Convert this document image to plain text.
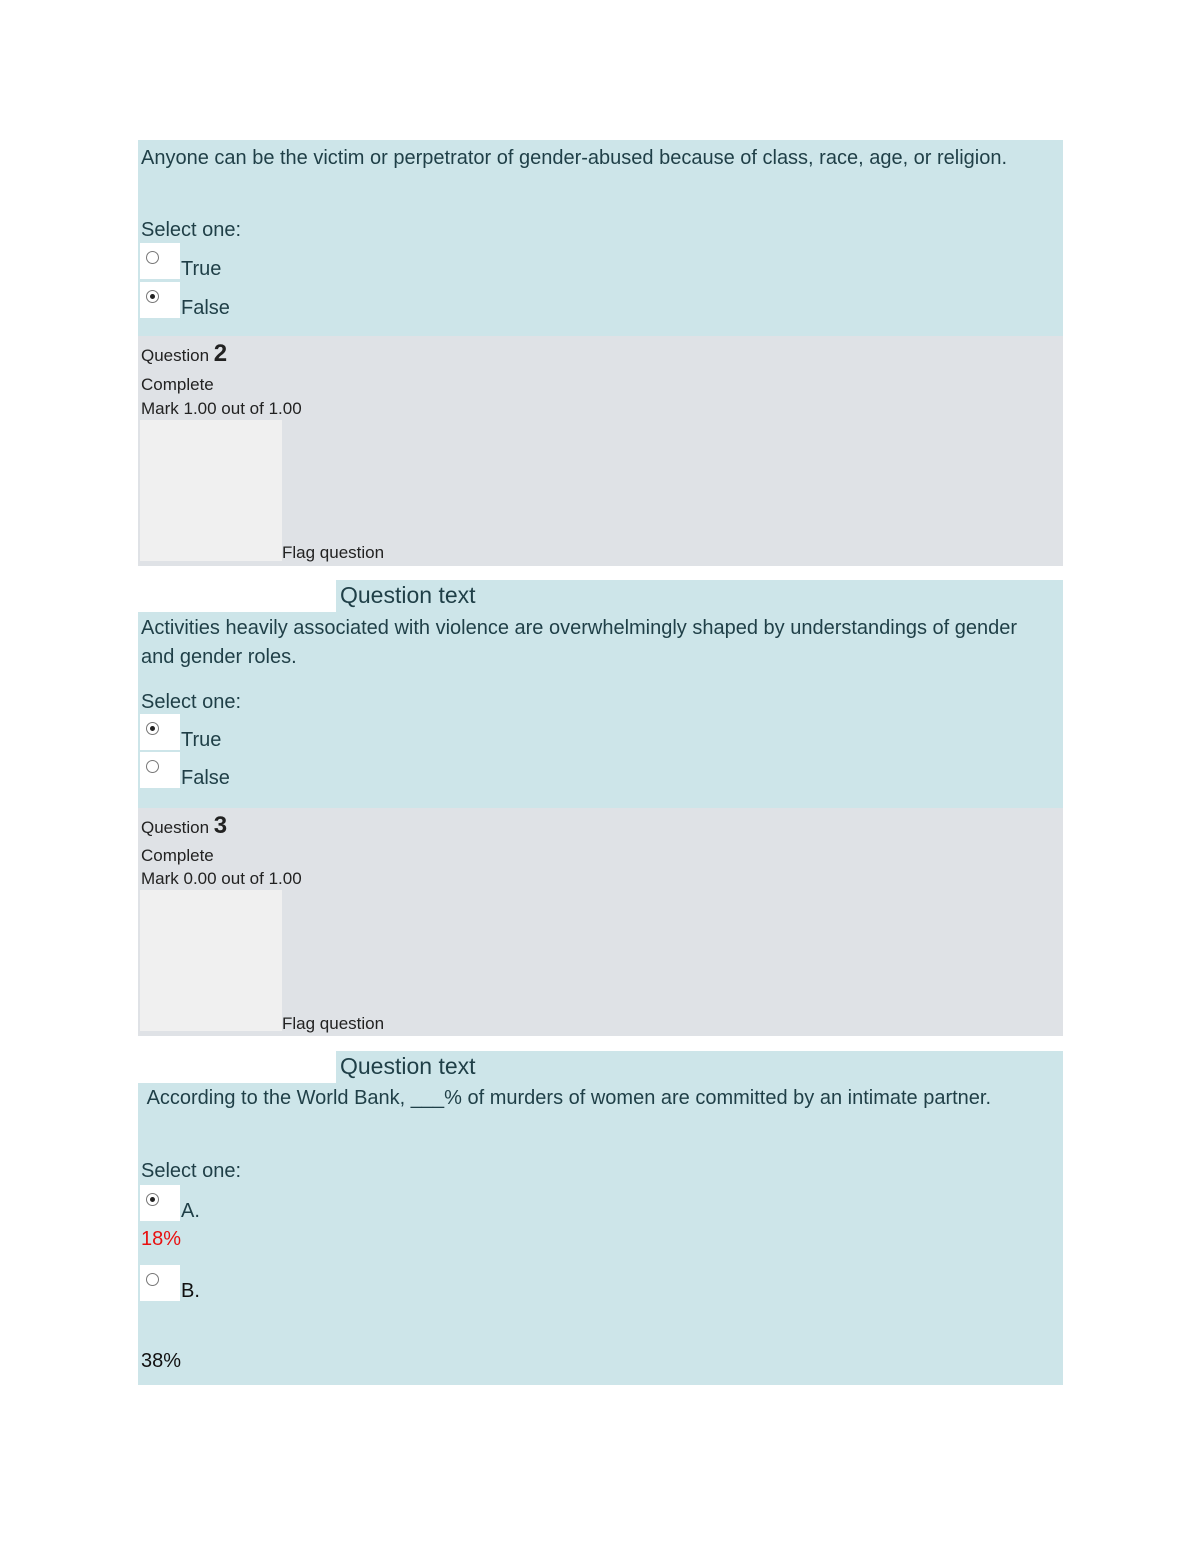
Anyone can be the victim or perpetrator of gender-abused because of class, race, age, or religion.
Select one:
True
False
Question 2
Complete
Mark 1.00 out of 1.00
Flag question
Question text
Activities heavily associated with violence are overwhelmingly shaped by understandings of gender and gender roles.
Select one:
True
False
Question 3
Complete
Mark 0.00 out of 1.00
Flag question
Question text
According to the World Bank, ___% of murders of women are committed by an intimate partner.
Select one:
A.
18%
B.
38%
